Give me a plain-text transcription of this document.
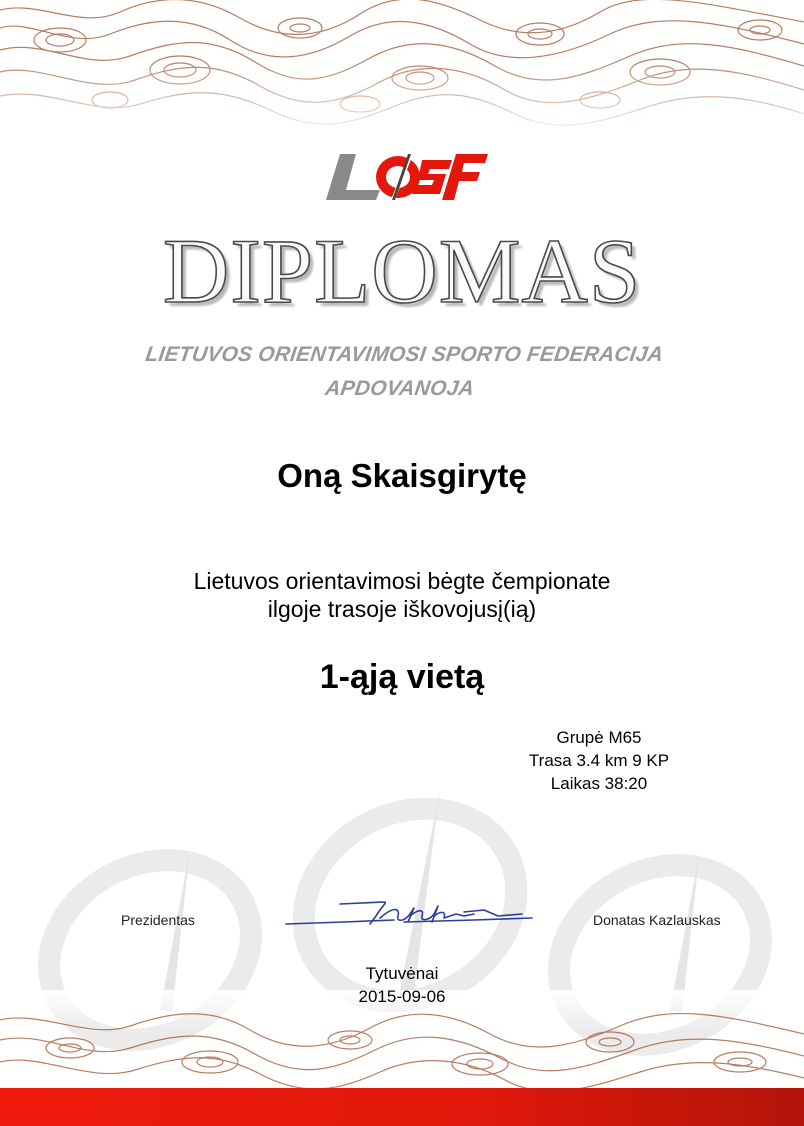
DIPLOMAS
LIETUVOS ORIENTAVIMOSI SPORTO FEDERACIJA
APDOVANOJA
Oną Skaisgirytę
Lietuvos orientavimosi bėgte čempionate
ilgoje trasoje iškovojusį(ią)
1-ąją vietą
Grupė M65
Trasa 3.4 km 9 KP
Laikas 38:20
Prezidentas	Donatas Kazlauskas
Tytuvėnai
2015-09-06
